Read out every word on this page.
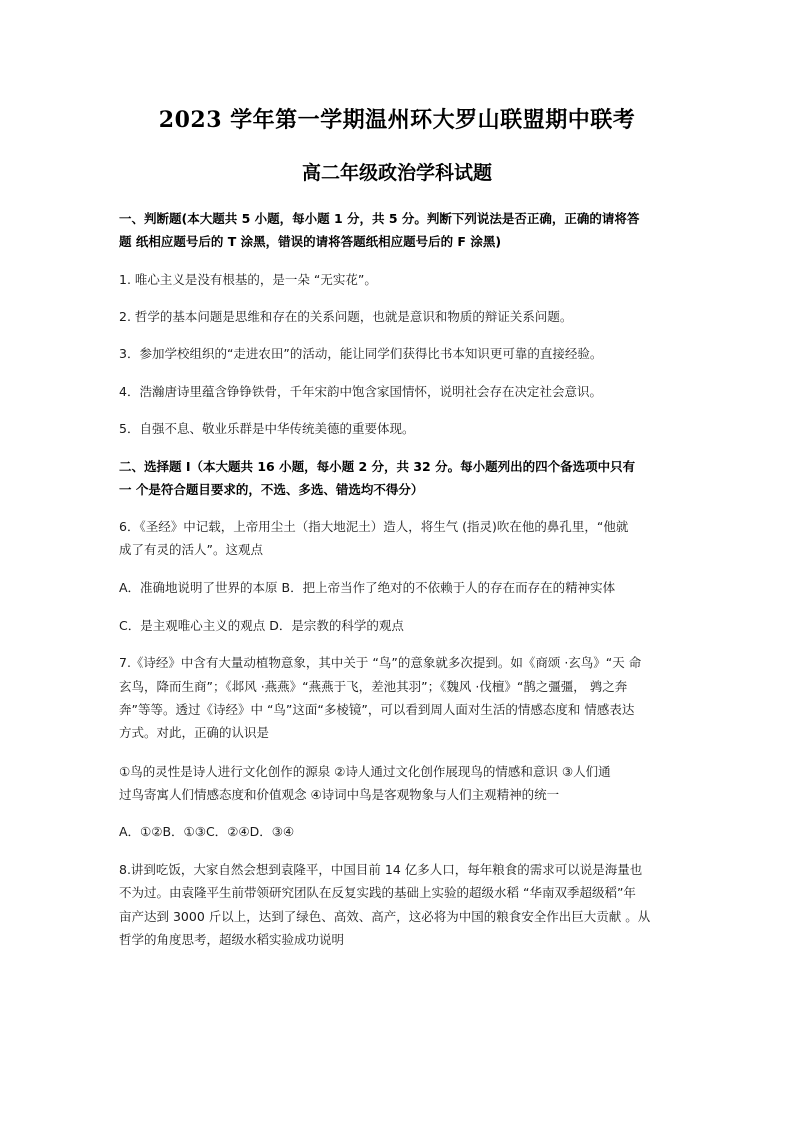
2023 学年第一学期温州环大罗山联盟期中联考
高二年级政治学科试题
一、判断题(本大题共 5 小题，每小题 1 分，共 5 分。判断下列说法是否正确，正确的请将答
题 纸相应题号后的 T 涂黑，错误的请将答题纸相应题号后的 F 涂黑)
1. 唯心主义是没有根基的，是一朵 “无实花”。
2. 哲学的基本问题是思维和存在的关系问题，也就是意识和物质的辩证关系问题。
3．参加学校组织的“走进农田”的活动，能让同学们获得比书本知识更可靠的直接经验。
4．浩瀚唐诗里蕴含铮铮铁骨，千年宋韵中饱含家国情怀，说明社会存在决定社会意识。
5．自强不息、敬业乐群是中华传统美德的重要体现。
二、选择题 I（本大题共 16 小题，每小题 2 分，共 32 分。每小题列出的四个备选项中只有
一 个是符合题目要求的，不选、多选、错选均不得分）
6．《圣经》中记载，上帝用尘土（指大地泥土）造人，将生气 (指灵)吹在他的鼻孔里，“他就
成了有灵的活人”。这观点
A．准确地说明了世界的本原 B．把上帝当作了绝对的不依赖于人的存在而存在的精神实体
C．是主观唯心主义的观点 D．是宗教的科学的观点
7.《诗经》中含有大量动植物意象，其中关于 “鸟”的意象就多次提到。如《商颂 ·玄鸟》“天 命
玄鸟，降而生商”；《邶风 ·燕燕》“燕燕于飞，差池其羽”；《魏风 ·伐檀》“鹊之彊彊， 鹑之奔
奔”等等。透过《诗经》中 “鸟”这面“多棱镜”，可以看到周人面对生活的情感态度和 情感表达
方式。对此，正确的认识是
①鸟的灵性是诗人进行文化创作的源泉 ②诗人通过文化创作展现鸟的情感和意识 ③人们通
过鸟寄寓人们情感态度和价值观念 ④诗词中鸟是客观物象与人们主观精神的统一
A．①②B．①③C．②④D．③④
8.讲到吃饭，大家自然会想到袁隆平，中国目前 14 亿多人口，每年粮食的需求可以说是海量也
不为过。由袁隆平生前带领研究团队在反复实践的基础上实验的超级水稻 “华南双季超级稻”年
亩产达到 3000 斤以上，达到了绿色、高效、高产，这必将为中国的粮食安全作出巨大贡献 。从
哲学的角度思考，超级水稻实验成功说明
